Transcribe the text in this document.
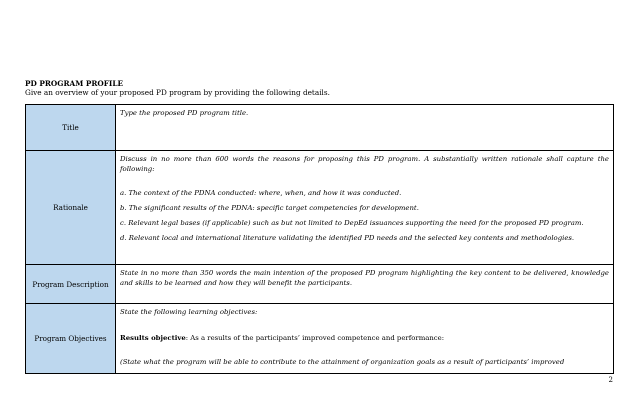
PD PROGRAM PROFILE
Give an overview of your proposed PD program by providing the following details.
Title	Type the proposed PD program title.

Rationale	Discuss in no more than 600 words the reasons for proposing this PD program. A substantially written rationale shall capture the following:

a. The context of the PDNA conducted: where, when, and how it was conducted.

b. The significant results of the PDNA: specific target competencies for development.

c. Relevant legal bases (if applicable) such as but not limited to DepEd issuances supporting the need for the proposed PD program.

d. Relevant local and international literature validating the identified PD needs and the selected key contents and methodologies.

Program Description	State in no more than 350 words the main intention of the proposed PD program highlighting the key content to be delivered, knowledge and skills to be learned and how they will benefit the participants.

Program Objectives	State the following learning objectives:

Results objective: As a results of the participants’ improved competence and performance:

(State what the program will be able to contribute to the attainment of organization goals as a result of participants’ improved

2
